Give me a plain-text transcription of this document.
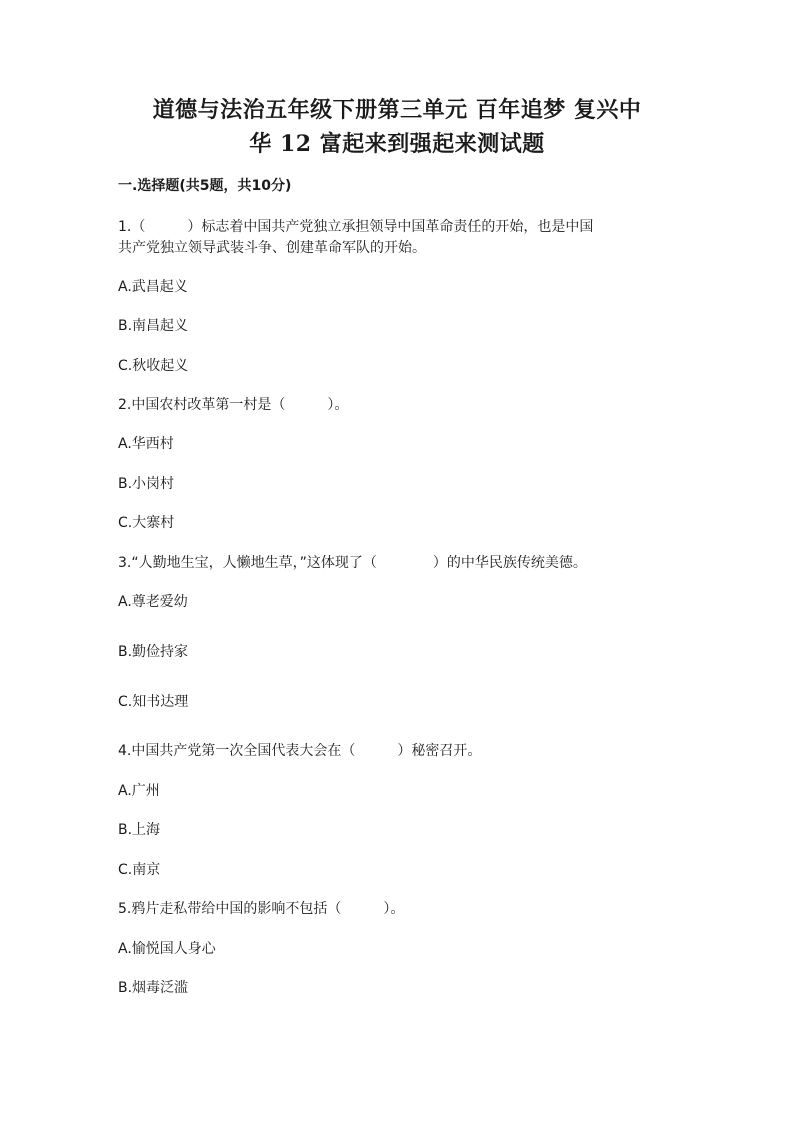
道德与法治五年级下册第三单元 百年追梦 复兴中
华 12 富起来到强起来测试题
一.选择题(共5题，共10分)
1.（　　　）标志着中国共产党独立承担领导中国革命责任的开始，也是中国
共产党独立领导武装斗争、创建革命军队的开始。
A.武昌起义
B.南昌起义
C.秋收起义
2.中国农村改革第一村是（　　　）。
A.华西村
B.小岗村
C.大寨村
3.“人勤地生宝，人懒地生草，”这体现了（　　　　）的中华民族传统美德。
A.尊老爱幼
B.勤俭持家
C.知书达理
4.中国共产党第一次全国代表大会在（　　　）秘密召开。
A.广州
B.上海
C.南京
5.鸦片走私带给中国的影响不包括（　　　）。
A.愉悦国人身心
B.烟毒泛滥
